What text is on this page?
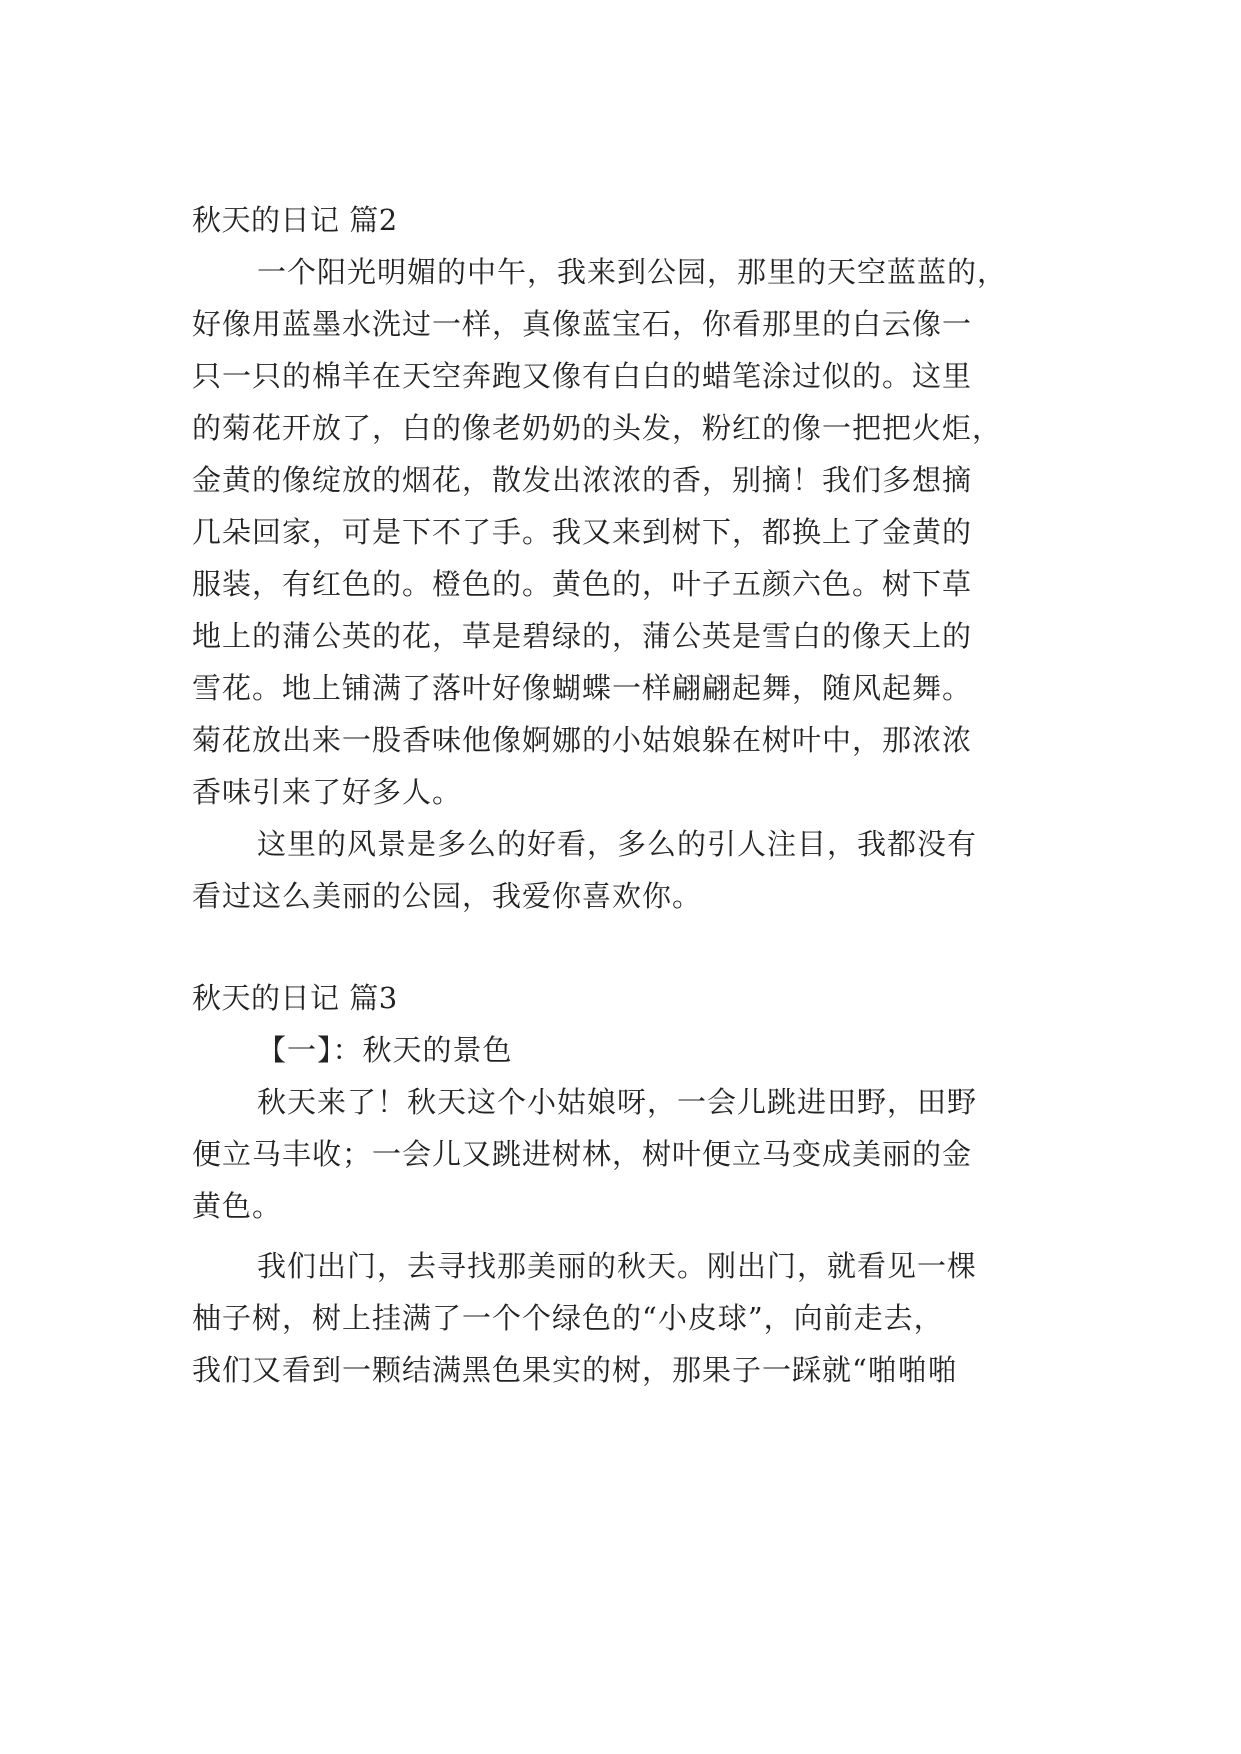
秋天的日记 篇2
一个阳光明媚的中午，我来到公园，那里的天空蓝蓝的，
好像用蓝墨水洗过一样，真像蓝宝石，你看那里的白云像一
只一只的棉羊在天空奔跑又像有白白的蜡笔涂过似的。这里
的菊花开放了，白的像老奶奶的头发，粉红的像一把把火炬，
金黄的像绽放的烟花，散发出浓浓的香，别摘！我们多想摘
几朵回家，可是下不了手。我又来到树下，都换上了金黄的
服装，有红色的。橙色的。黄色的，叶子五颜六色。树下草
地上的蒲公英的花，草是碧绿的，蒲公英是雪白的像天上的
雪花。地上铺满了落叶好像蝴蝶一样翩翩起舞，随风起舞。
菊花放出来一股香味他像婀娜的小姑娘躲在树叶中，那浓浓
香味引来了好多人。
这里的风景是多么的好看，多么的引人注目，我都没有
看过这么美丽的公园，我爱你喜欢你。
秋天的日记 篇3
【一】：秋天的景色
秋天来了！秋天这个小姑娘呀，一会儿跳进田野，田野
便立马丰收；一会儿又跳进树林，树叶便立马变成美丽的金
黄色。
我们出门，去寻找那美丽的秋天。刚出门，就看见一棵
柚子树，树上挂满了一个个绿色的“小皮球”，向前走去，
我们又看到一颗结满黑色果实的树，那果子一踩就“啪啪啪
